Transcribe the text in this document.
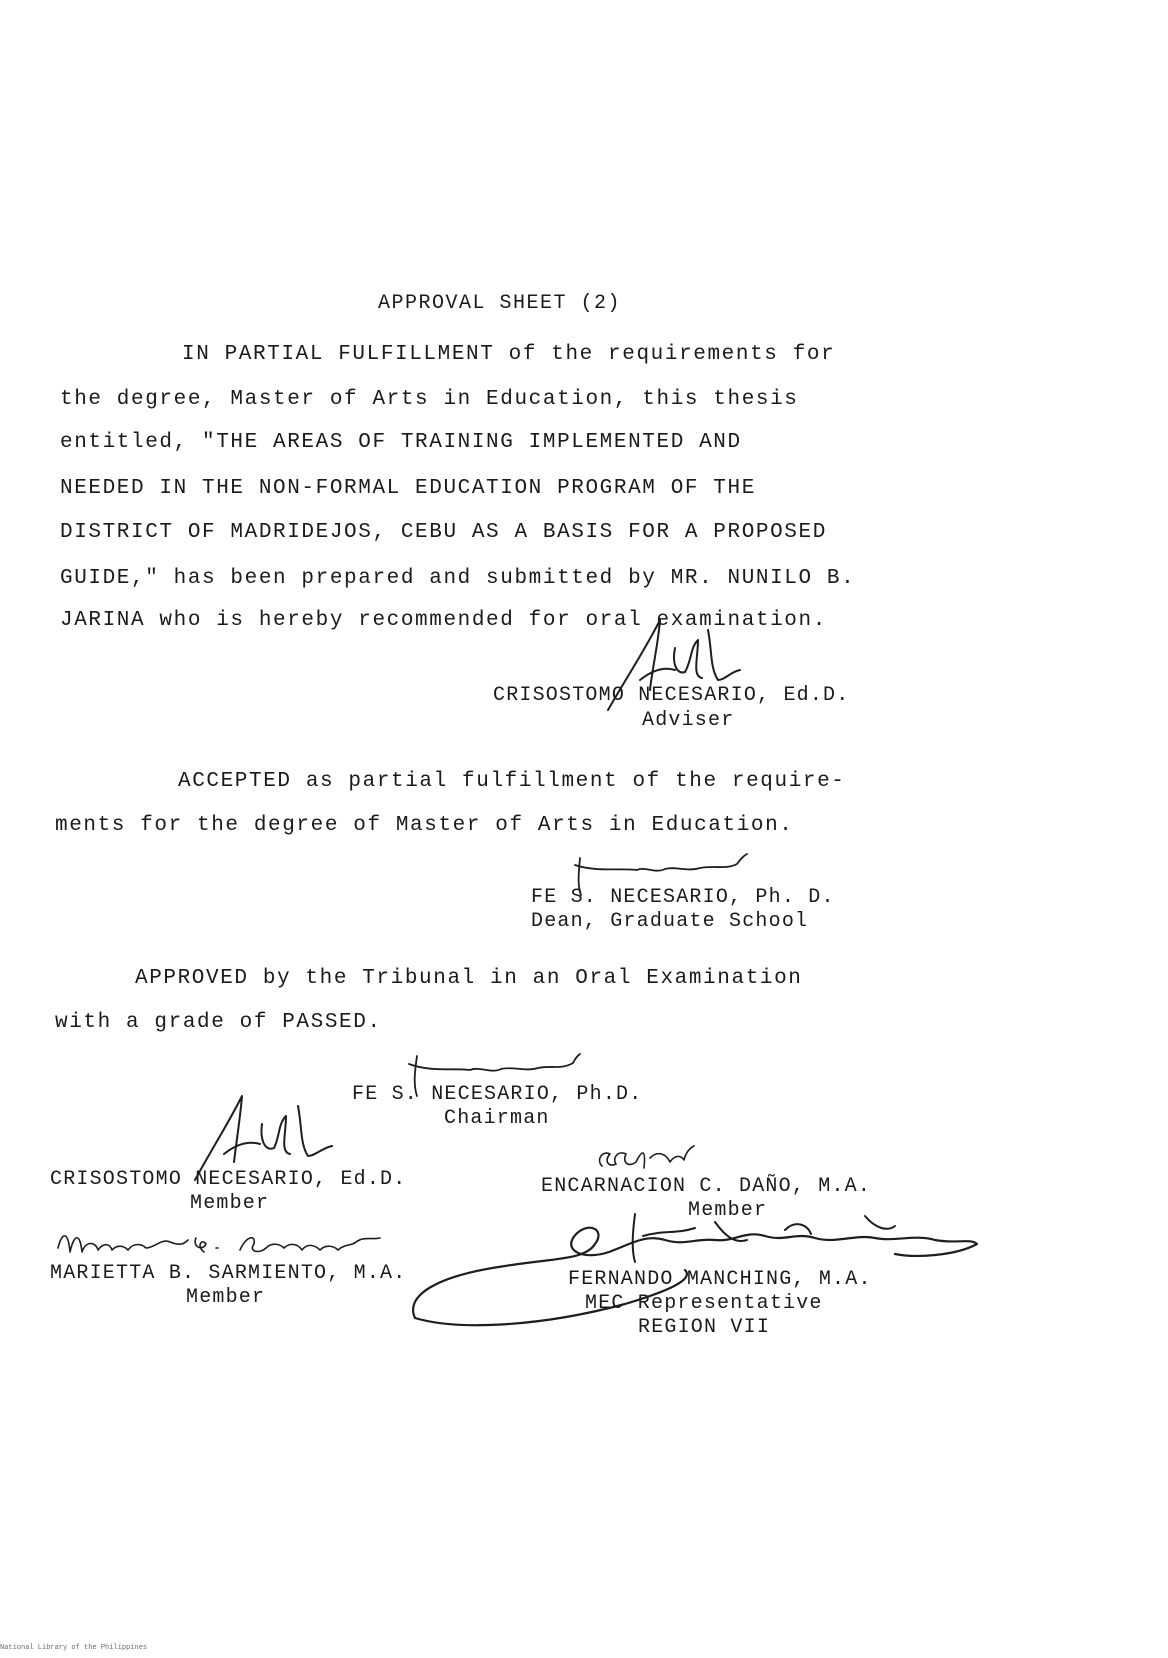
APPROVAL SHEET (2)
IN PARTIAL FULFILLMENT of the requirements for
the degree, Master of Arts in Education, this thesis
entitled, "THE AREAS OF TRAINING IMPLEMENTED AND
NEEDED IN THE NON-FORMAL EDUCATION PROGRAM OF THE
DISTRICT OF MADRIDEJOS, CEBU AS A BASIS FOR A PROPOSED
GUIDE," has been prepared and submitted by MR. NUNILO B.
JARINA who is hereby recommended for oral examination.
CRISOSTOMO NECESARIO, Ed.D.
Adviser
ACCEPTED as partial fulfillment of the require-
ments for the degree of Master of Arts in Education.
FE S. NECESARIO, Ph. D.
Dean, Graduate School
APPROVED by the Tribunal in an Oral Examination
with a grade of PASSED.
FE S. NECESARIO, Ph.D.
Chairman
CRISOSTOMO NECESARIO, Ed.D.
Member
ENCARNACION C. DAÑO, M.A.
Member
MARIETTA B. SARMIENTO, M.A.
Member
FERNANDO MANCHING, M.A.
MEC Representative
REGION VII
National Library of the Philippines
